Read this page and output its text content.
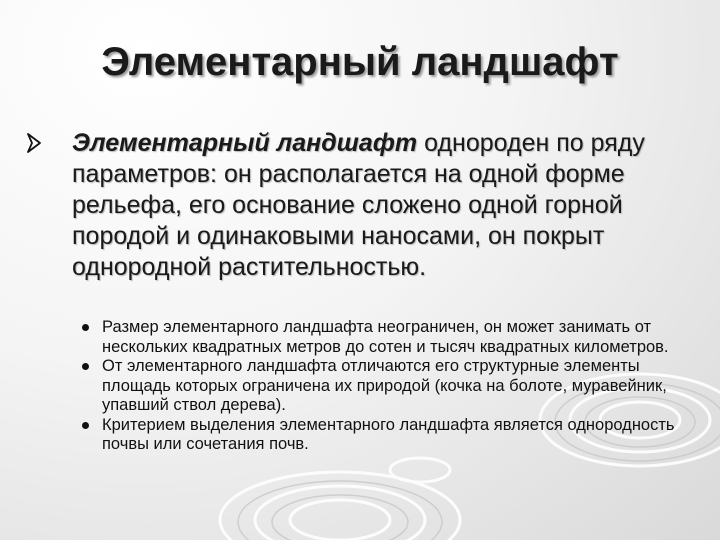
Элементарный ландшафт
Элементарный ландшафт однороден по ряду параметров: он располагается на одной форме рельефа, его основание сложено одной горной породой и одинаковыми наносами, он покрыт однородной растительностью.
Размер элементарного ландшафта неограничен, он может занимать от нескольких квадратных метров до сотен и тысяч квадратных километров.
От элементарного ландшафта отличаются его структурные элементы площадь которых ограничена их природой (кочка на болоте, муравейник, упавший ствол дерева).
Критерием выделения элементарного ландшафта является однородность почвы или сочетания почв.
